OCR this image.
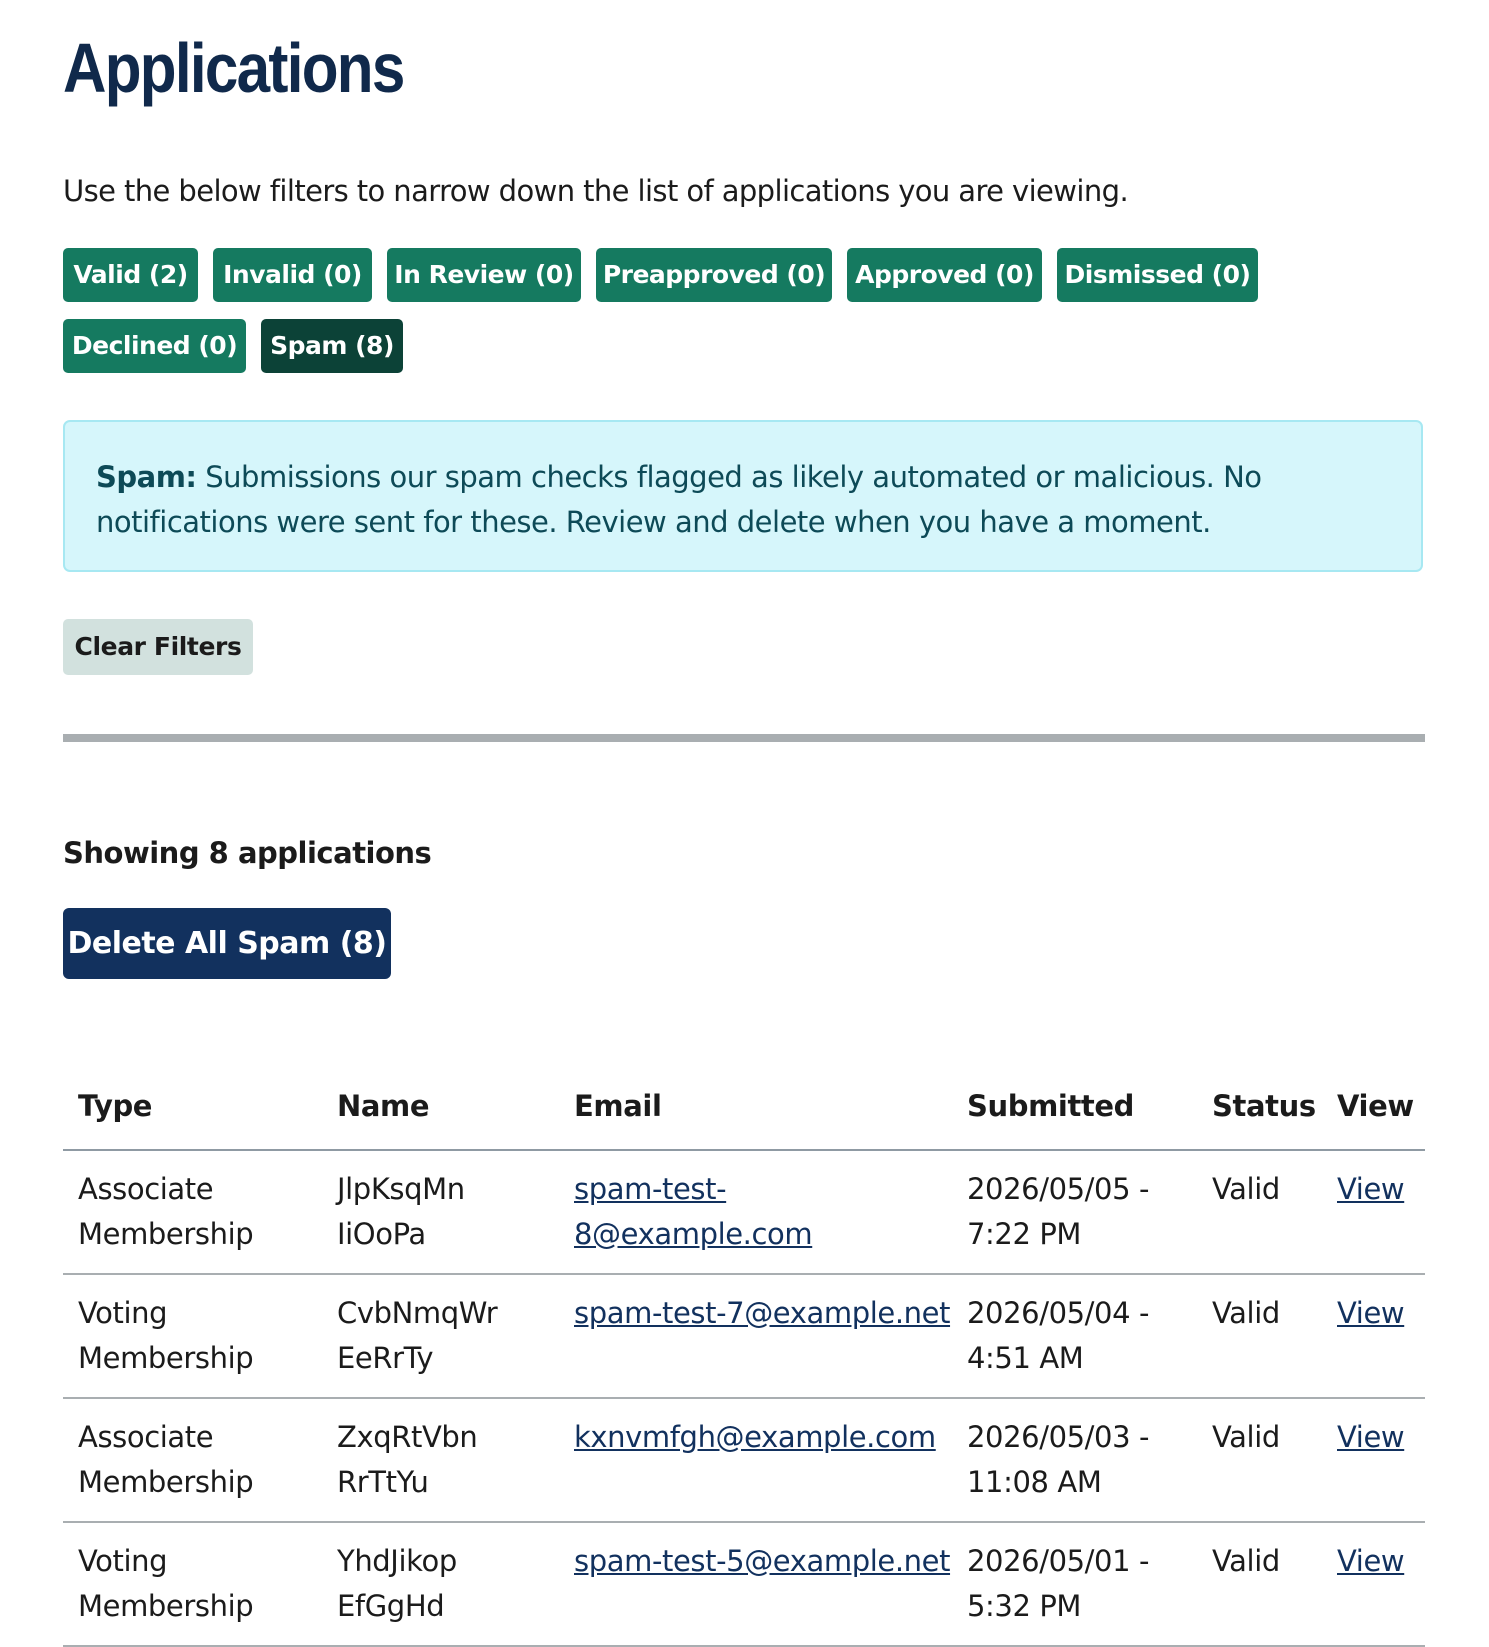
Applications

Use the below filters to narrow down the list of applications you are viewing.

Valid (2)	Invalid (0)	In Review (0) Preapproved (0)	Approved (0)	Dismissed (0)
Declined (0)	Spam (8)
Spam: Submissions our spam checks flagged as likely automated or malicious. No notifications were sent for these. Review and delete when you have a moment.
Clear Filters
Showing 8 applications
Delete All Spam (8)
Type	Name	Email	Submitted	Status	View
Associate Membership	JlpKsqMn IiOoPa	spam-test-8@example.com	2026/05/05 - 7:22 PM	Valid	View
Voting Membership	CvbNmqWr EeRrTy	spam-test-7@example.net	2026/05/04 - 4:51 AM	Valid	View
Associate Membership	ZxqRtVbn RrTtYu	kxnvmfgh@example.com	2026/05/03 - 11:08 AM	Valid	View
Voting Membership	YhdJikop EfGgHd	spam-test-5@example.net	2026/05/01 - 5:32 PM	Valid	View
